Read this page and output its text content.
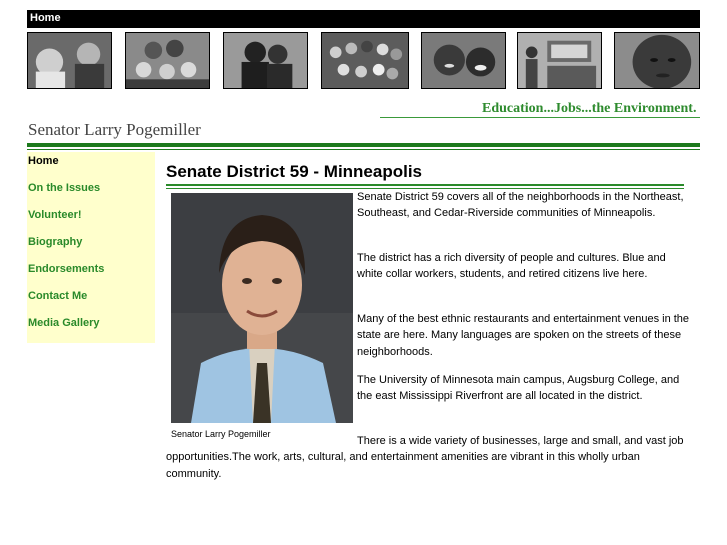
Home
Education...Jobs...the Environment.
Senator Larry Pogemiller
Home
On the Issues
Volunteer!
Biography
Endorsements
Contact Me
Media Gallery
Senate District 59 - Minneapolis
Senator Larry Pogemiller

Senate District 59 covers all of the neighborhoods in the Northeast, Southeast, and Cedar-Riverside communities of Minneapolis.

The district has a rich diversity of people and cultures. Blue and white collar workers, students, and retired citizens live here.

Many of the best ethnic restaurants and entertainment venues in the state are here. Many languages are spoken on the streets of these neighborhoods.

The University of Minnesota main campus, Augsburg College, and the east Mississippi Riverfront are all located in the district.

There is a wide variety of businesses, large and small, and vast job opportunities.The work, arts, cultural, and entertainment amenities are vibrant in this wholly urban community.
